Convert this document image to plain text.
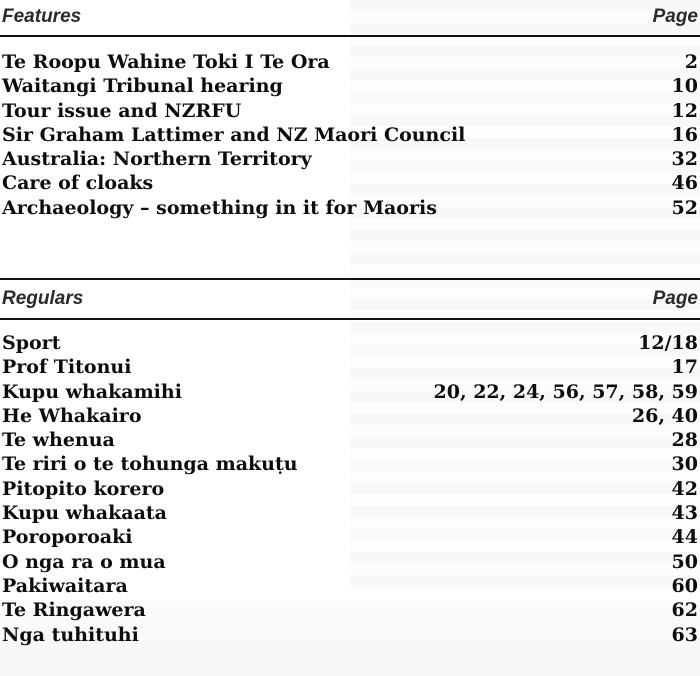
Features	Page
Te Roopu Wahine Toki I Te Ora	2
Waitangi Tribunal hearing	10
Tour issue and NZRFU	12
Sir Graham Lattimer and NZ Maori Council	16
Australia: Northern Territory	32
Care of cloaks	46
Archaeology – something in it for Maoris	52
Regulars	Page
Sport	12/18
Prof Titonui	17
Kupu whakamihi	20, 22, 24, 56, 57, 58, 59
He Whakairo	26, 40
Te whenua	28
Te riri o te tohunga makuṭu	30
Pitopito korero	42
Kupu whakaata	43
Poroporoaki	44
O nga ra o mua	50
Pakiwaitara	60
Te Ringawera	62
Nga tuhituhi	63
